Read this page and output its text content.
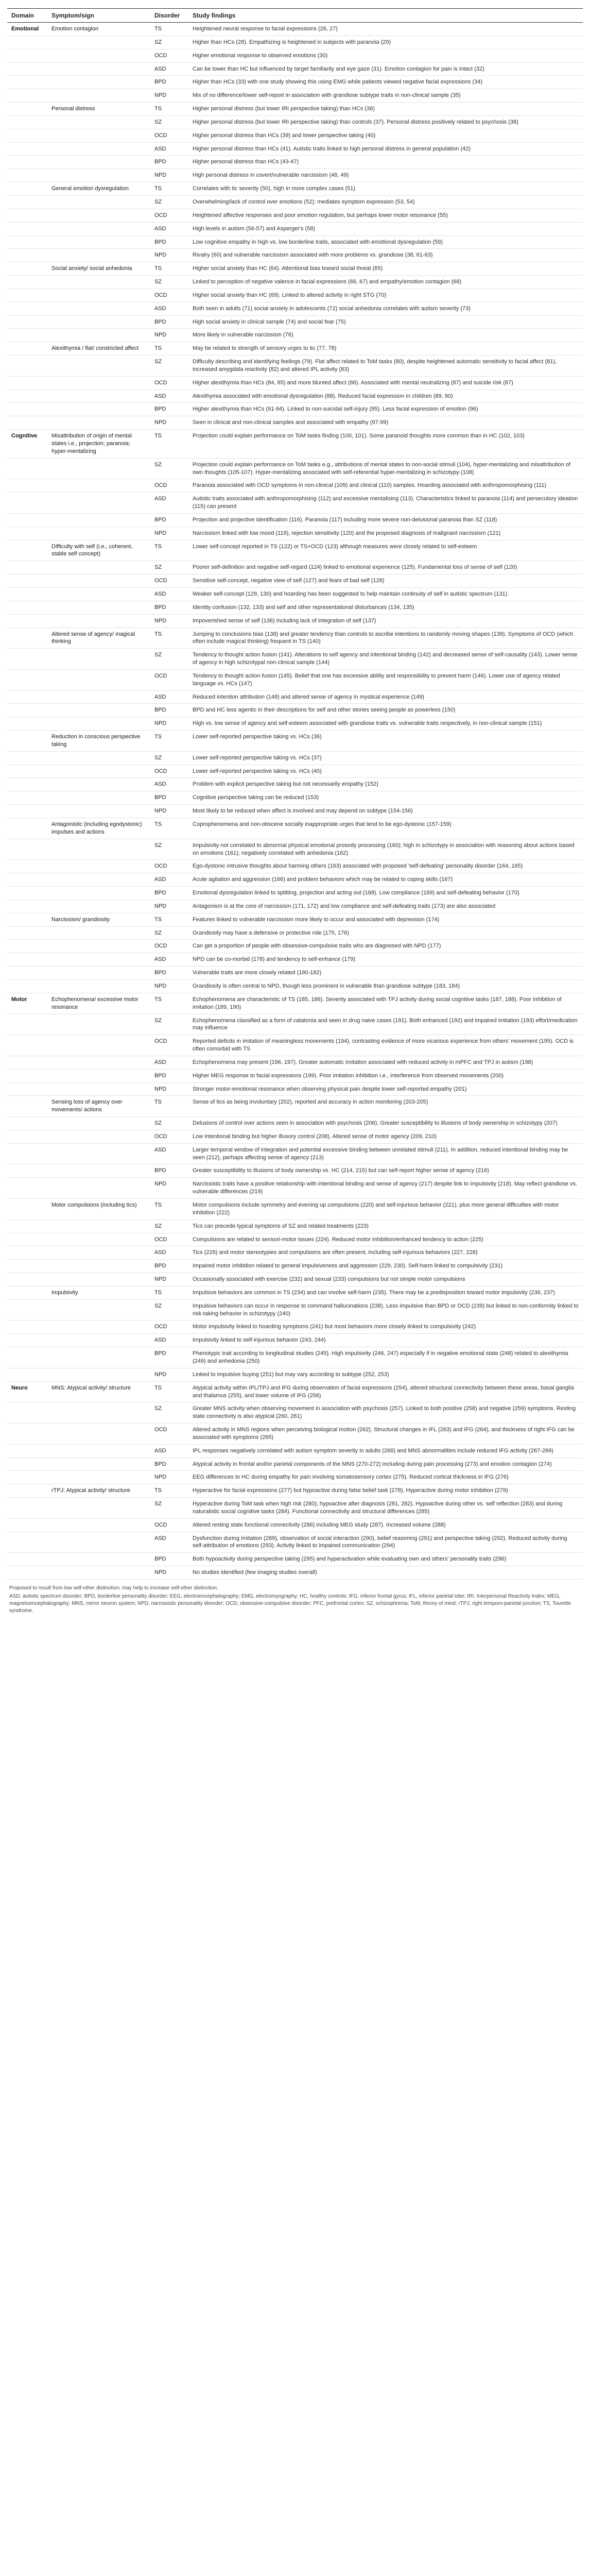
Domain	Symptom/sign	Disorder	Study findings
Emotional	Emotion contagion	TS	Heightened neural response to facial expressions (26, 27)
		SZ	Higher than HCs (28). Empathizing is heightened in subjects with paranoia (29)
		OCD	Higher emotional response to observed emotions (30)
		ASD	Can be lower than HC but influenced by target familiarity and eye gaze (31). Emotion contagion for pain is intact (32)
		BPD	Higher than HCs (33) with one study showing this using EMG while patients viewed negative facial expressions (34)
		NPD	Mix of no difference/lower self-report in association with grandiose subtype traits in non-clinical sample (35)
	Personal distress	TS	Higher personal distress (but lower IRI perspective taking) than HCs (36)
		SZ	Higher personal distress (but lower IRI perspective taking) than controls (37). Personal distress positively related to psychosis (38)
		OCD	Higher personal distress than HCs (39) and lower perspective taking (40)
		ASD	Higher personal distress than HCs (41). Autistic traits linked to high personal distress in general population (42)
		BPD	Higher personal distress than HCs (43-47)
		NPD	High personal distress in covert/vulnerable narcissism (48, 49)
	General emotion dysregulation	TS	Correlates with tic severity (50), high in more complex cases (51)
		SZ	Overwhelming/lack of control over emotions (52); mediates symptom expression (53, 54)
		OCD	Heightened affective responses and poor emotion regulation, but perhaps lower motor resonance (55)
		ASD	High levels in autism (56-57) and Asperger's (58)
		BPD	Low cognitive empathy in high vs. low borderline traits, associated with emotional dysregulation (59)
		NPD	Rivalry (60) and vulnerable narcissism associated with more problems vs. grandiose (38, 61-63)
	Social anxiety/ social anhedonia	TS	Higher social anxiety than HC (64). Attentional bias toward social threat (65)
		SZ	Linked to perception of negative valence in facial expressions (66, 67) and empathy/emotion contagion (68)
		OCD	Higher social anxiety than HC (69). Linked to altered activity in right STG (70)
		ASD	Both seen in adults (71) social anxiety in adolescents (72) social anhedonia correlates with autism severity (73)
		BPD	High social anxiety in clinical sample (74) and social fear (75)
		NPD	More likely in vulnerable narcissism (76)
	Alexithymia / flat/ constricted affect	TS	May be related to strength of sensory urges to tic (77, 78)
		SZ	Difficulty describing and identifying feelings (79). Flat affect related to ToM tasks (80), despite heightened automatic sensitivity to facial affect (81), increased amygdala reactivity (82) and altered IPL activity (83)
		OCD	Higher alexithymia than HCs (84, 85) and more blunted affect (86). Associated with mental neutralizing (87) and suicide risk (87)
		ASD	Alexithymia associated with emotional dysregulation (88). Reduced facial expression in children (89, 90)
		BPD	Higher alexithymia than HCs (91-94). Linked to non-suicidal self-injury (95). Less facial expression of emotion (96)
		NPD	Seen in clinical and non-clinical samples and associated with empathy (97-99)
Cognitive	Misattribution of origin of mental states i.e., projection; paranoia; hyper-mentalizing	TS	Projection could explain performance on ToM tasks finding (100, 101). Some paranoid thoughts more common than in HC (102, 103)
		SZ	Projection could explain performance on ToM tasks e.g., attributions of mental states to non-social stimuli (104), hyper-mentalizing and misattribution of own thoughts (105-107). Hyper-mentalizing associated with self-referential hyper-mentalizing in schizotypy (108)
		OCD	Paranoia associated with OCD symptoms in non-clinical (109) and clinical (110) samples. Hoarding associated with anthropomorphising (111)
		ASD	Autistic traits associated with anthropomorphising (112) and excessive mentalising (113). Characteristics linked to paranoia (114) and persecutory ideation (115) can present
		BPD	Projection and projective identification (116). Paranoia (117) including more severe non-delusional paranoia than SZ (118)
		NPD	Narcissism linked with low mood (119), rejection sensitivity (120) and the proposed diagnosis of malignant narcissism (121)
	Difficulty with self (i.e., coherent, stable self concept)	TS	Lower self-concept reported in TS (122) or TS+OCD (123) although measures were closely related to self-esteem
		SZ	Poorer self-definition and negative self-regard (124) linked to emotional experience (125). Fundamental loss of sense of self (126)
		OCD	Sensitive self-concept, negative view of self (127) and fears of bad self (128)
		ASD	Weaker self-concept (129, 130) and hoarding has been suggested to help maintain continuity of self in autistic spectrum (131)
		BPD	Identity confusion (132, 133) and self and other representational disturbances (134, 135)
		NPD	Impoverished sense of self (136) including lack of integration of self (137)
	Altered sense of agency/ magical thinking	TS	Jumping to conclusions bias (138) and greater tendency than controls to ascribe intentions to randomly moving shapes (139). Symptoms of OCD (which often include magical thinking) frequent in TS (140)
		SZ	Tendency to thought action fusion (141). Alterations to self agency and intentional binding (142) and decreased sense of self-causality (143). Lower sense of agency in high schizotypal non-clinical sample (144)
		OCD	Tendency to thought action fusion (145). Belief that one has excessive ability and responsibility to prevent harm (146). Lower use of agency related language vs. HCs (147)
		ASD	Reduced intention attribution (148) and altered sense of agency in mystical experience (149)
		BPD	BPD and HC less agentic in their descriptions for self and other stories seeing people as powerless (150)
		NPD	High vs. low sense of agency and self-esteem associated with grandiose traits vs. vulnerable traits respectively, in non-clinical sample (151)
	Reduction in conscious perspective taking	TS	Lower self-reported perspective taking vs. HCs (36)
		SZ	Lower self-reported perspective taking vs. HCs (37)
		OCD	Lower self-reported perspective taking vs. HCs (40)
		ASD	Problem with explicit perspective taking but not necessarily empathy (152)
		BPD	Cognitive perspective taking can be reduced (153)
		NPD	Most likely to be reduced when affect is involved and may depend on subtype (154-156)
	Antagonistic (including egodystonic) impulses and actions	TS	Coprophenomena and non-obscene socially inappropriate urges that tend to be ego-dystonic (157-159)
		SZ	Impulsivity not correlated to abnormal physical emotional prosody processing (160); high in schizotypy in association with reasoning about actions based on emotions (161); negatively correlated with anhedonia (162)
		OCD	Ego-dystonic intrusive thoughts about harming others (163) associated with proposed 'self-defeating' personality disorder (164, 165)
		ASD	Acute agitation and aggression (166) and problem behaviors which may be related to coping skills (167)
		BPD	Emotional dysregulation linked to splitting, projection and acting out (168). Low compliance (169) and self-defeating behavior (170)
		NPD	Antagonism is at the core of narcissism (171, 172) and low compliance and self-defeating traits (173) are also associated
	Narcissism/ grandiosity	TS	Features linked to vulnerable narcissism more likely to occur and associated with depression (174)
		SZ	Grandiosity may have a defensive or protective role (175, 176)
		OCD	Can get a proportion of people with obsessive-compulsive traits who are diagnosed with NPD (177)
		ASD	NPD can be co-morbid (178) and tendency to self-enhance (179)
		BPD	Vulnerable traits are more closely related (180-182)
		NPD	Grandiosity is often central to NPD, though less prominent in vulnerable than grandiose subtype (183, 184)
Motor	Echophenomena/ excessive motor resonance	TS	Echophenomena are characteristic of TS (185, 186). Severity associated with TPJ activity during social cognitive tasks (187, 188). Poor inhibition of imitation (189, 190)
		SZ	Echophenomena classified as a form of catatonia and seen in drug naive cases (191). Both enhanced (192) and impaired imitation (193) effort/medication may influence
		OCD	Reported deficits in imitation of meaningless movements (194), contrasting evidence of more vicarious experience from others' movement (195). OCD is often comorbid with TS
		ASD	Echophenomena may present (196, 197). Greater automatic imitation associated with reduced activity in mPFC and TPJ in autism (198)
		BPD	Higher MEG response to facial expressions (199). Poor imitation inhibition i.e., interference from observed movements (200)
		NPD	Stronger motor-emotional resonance when observing physical pain despite lower self-reported empathy (201)
	Sensing loss of agency over movements/ actions	TS	Sense of tics as being involuntary (202), reported and accuracy in action monitoring (203-205)
		SZ	Delusions of control over actions seen in association with psychosis (206). Greater susceptibility to illusions of body ownership in schizotypy (207)
		OCD	Low intentional binding but higher illusory control (208). Altered sense of motor agency (209, 210)
		ASD	Larger temporal window of integration and potential excessive binding between unrelated stimuli (211). In addition, reduced intentional binding may be seen (212), perhaps affecting sense of agency (213)
		BPD	Greater susceptibility to illusions of body ownership vs. HC (214, 215) but can self-report higher sense of agency (216)
		NPD	Narcissistic traits have a positive relationship with intentional binding and sense of agency (217) despite link to impulsivity (218). May reflect grandiose vs. vulnerable differences (219)
	Motor compulsions (including tics)	TS	Motor compulsions include symmetry and evening up compulsions (220) and self-injurious behavior (221), plus more general difficulties with motor inhibition (222)
		SZ	Tics can precede typical symptoms of SZ and related treatments (223)
		OCD	Compulsions are related to sensori-motor issues (224). Reduced motor inhibition/enhanced tendency to action (225)
		ASD	Tics (226) and motor stereotypies and compulsions are often present, including self-injurious behaviors (227, 228)
		BPD	Impaired motor inhibition related to general impulsiveness and aggression (229, 230). Self-harm linked to compulsivity (231)
		NPD	Occasionally associated with exercise (232) and sexual (233) compulsions but not simple motor compulsions
	Impulsivity	TS	Impulsive behaviors are common in TS (234) and can involve self-harm (235). There may be a predisposition toward motor impulsivity (236, 237)
		SZ	Impulsive behaviors can occur in response to command hallucinations (238). Less impulsive than BPD or OCD (239) but linked to non-conformity linked to risk-taking behavior in schizotypy (240)
		OCD	Motor impulsivity linked to hoarding symptoms (241) but most behaviors more closely linked to compulsivity (242)
		ASD	Impulsivity linked to self-injurious behavior (243, 244)
		BPD	Phenotypic trait according to longitudinal studies (245). High impulsivity (246, 247) especially if in negative emotional state (248) related to alexithymia (249) and anhedonia (250)
		NPD	Linked to impulsive buying (251) but may vary according to subtype (252, 253)
Neuro	MNS: Atypical activity/ structure	TS	Atypical activity within IPL/TPJ and IFG during observation of facial expressions (254), altered structural connectivity between these areas, basal ganglia and thalamus (255), and lower volume of IFG (256)
		SZ	Greater MNS activity when observing movement in association with psychosis (257). Linked to both positive (258) and negative (259) symptoms. Resting state connectivity is also atypical (260, 261)
		OCD	Altered activity in MNS regions when perceiving biological motion (262). Structural changes in IFL (263) and IFG (264), and thickness of right IFG can be associated with symptoms (265)
		ASD	IPL responses negatively correlated with autism symptom severity in adults (266) and MNS abnormalities include reduced IFG activity (267-269)
		BPD	Atypical activity in frontal and/or parietal components of the MNS (270-272) including during pain processing (273) and emotion contagion (274)
		NPD	EEG differences to HC during empathy for pain involving somatosensory cortex (275). Reduced cortical thickness in IFG (276)
	rTPJ: Atypical activity/ structure	TS	Hyperactive for facial expressions (277) but hypoactive during false belief task (278). Hyperactive during motor inhibition (279)
		SZ	Hyperactive during ToM task when high risk (280); hypoactive after diagnosis (281, 282). Hypoactive during other vs. self reflection (283) and during naturalistic social cognitive tasks (284). Functional connectivity and structural differences (285)
		OCD	Altered resting state functional connectivity (286) including MEG study (287). Increased volume (288)
		ASD	Dysfunction during imitation (289), observation of social interaction (290), belief reasoning (291) and perspective taking (292). Reduced activity during self-attribution of emotions (293). Activity linked to impaired communication (294)
		BPD	Both hypoactivity during perspective taking (295) and hyperactivation while evaluating own and others' personality traits (296)
		NPD	No studies identified (few imaging studies overall)

Proposed to result from low self-other distinction; may help to increase self-other distinction.

ASD, autistic spectrum disorder; BPD, borderline personality disorder; EEG, electroencephalography; EMG, electromyography; HC, healthy controls; IFG, inferior frontal gyrus; IFL, inferior parietal lobe; IRI, Interpersonal Reactivity Index; MEG, magnetoencephalography; MNS, mirror neuron system; NPD, narcissistic personality disorder; OCD, obsessive-compulsive disorder; PFC, prefrontal cortex; SZ, schizophrenia; ToM, theory of mind; rTPJ, right temporo-parietal junction; TS, Tourette syndrome.
